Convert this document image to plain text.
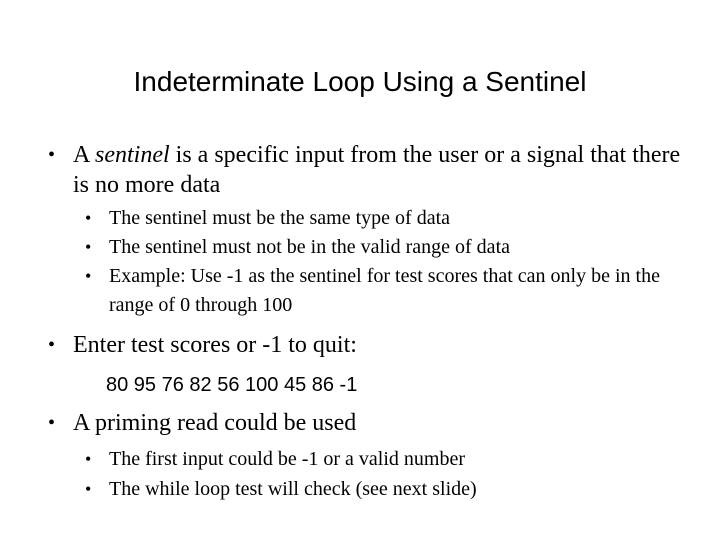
Indeterminate Loop Using a Sentinel
• A sentinel is a specific input from the user or a signal that there is no more data
• The sentinel must be the same type of data
• The sentinel must not be in the valid range of data
• Example: Use -1 as the sentinel for test scores that can only be in the range of 0 through 100
• Enter test scores or -1 to quit:
80 95 76 82 56 100 45 86 -1
• A priming read could be used
• The first input could be -1 or a valid number
• The while loop test will check (see next slide)
